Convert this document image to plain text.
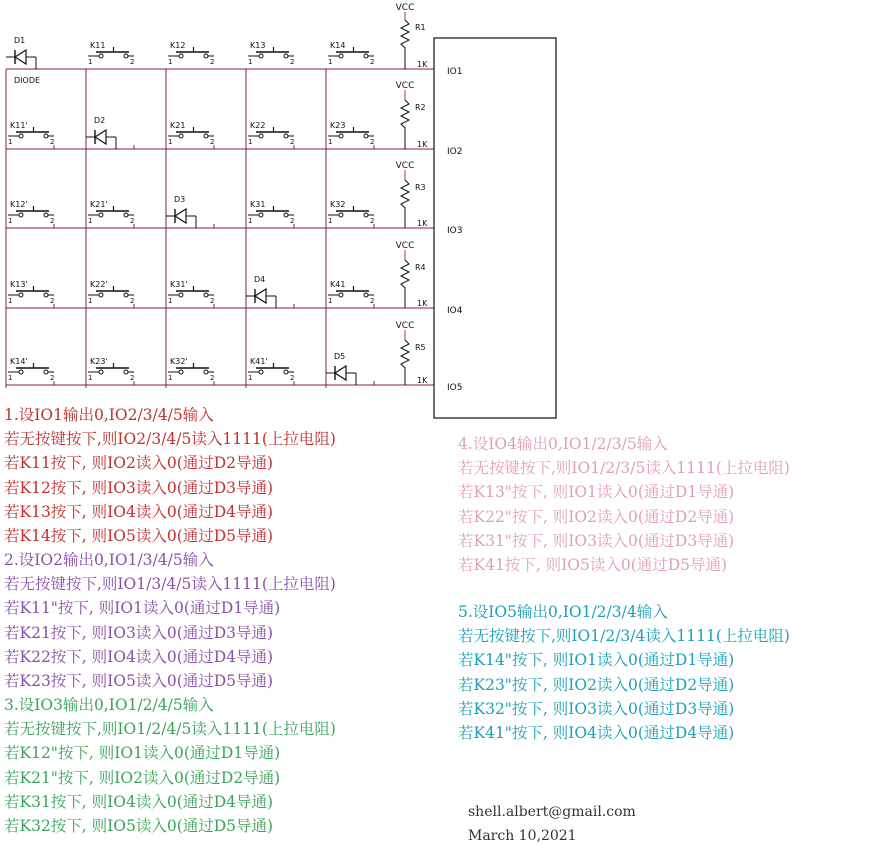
VCC
R1
1K
VCC
R2
1K
VCC
R3
1K
VCC
R4
1K
VCC
R5
1K
D1
DIODE
K11
1	2
K12
1	2
K13
1	2
K14
1	2
K11'
1	2
D2
K21
1	2
K22
1	2
K23
1	2
K12'
1	2
K21'
1	2
D3
K31
1	2
K32
1	2
K13'
1	2
K22'
1	2
K31'
1	2
D4
K41
1	2
K14'
1	2
K23'
1	2
K32'
1	2
K41'
1	2
D5
IO1
IO2
IO3
IO4
IO5
1.设IO1输出0,IO2/3/4/5输入
若无按键按下,则IO2/3/4/5读入1111(上拉电阻)
若K11按下, 则IO2读入0(通过D2导通)
若K12按下, 则IO3读入0(通过D3导通)
若K13按下, 则IO4读入0(通过D4导通)
若K14按下, 则IO5读入0(通过D5导通)
2.设IO2输出0,IO1/3/4/5输入
若无按键按下,则IO1/3/4/5读入1111(上拉电阻)
若K11"按下, 则IO1读入0(通过D1导通)
若K21按下, 则IO3读入0(通过D3导通)
若K22按下, 则IO4读入0(通过D4导通)
若K23按下, 则IO5读入0(通过D5导通)
3.设IO3输出0,IO1/2/4/5输入
若无按键按下,则IO1/2/4/5读入1111(上拉电阻)
若K12"按下, 则IO1读入0(通过D1导通)
若K21"按下, 则IO2读入0(通过D2导通)
若K31按下, 则IO4读入0(通过D4导通)
若K32按下, 则IO5读入0(通过D5导通)
4.设IO4输出0,IO1/2/3/5输入
若无按键按下,则IO1/2/3/5读入1111(上拉电阻)
若K13"按下, 则IO1读入0(通过D1导通)
若K22"按下, 则IO2读入0(通过D2导通)
若K31"按下, 则IO3读入0(通过D3导通)
若K41按下, 则IO5读入0(通过D5导通)
5.设IO5输出0,IO1/2/3/4输入
若无按键按下,则IO1/2/3/4读入1111(上拉电阻)
若K14"按下, 则IO1读入0(通过D1导通)
若K23"按下, 则IO2读入0(通过D2导通)
若K32"按下, 则IO3读入0(通过D3导通)
若K41"按下, 则IO4读入0(通过D4导通)
shell.albert@gmail.com
March 10,2021
